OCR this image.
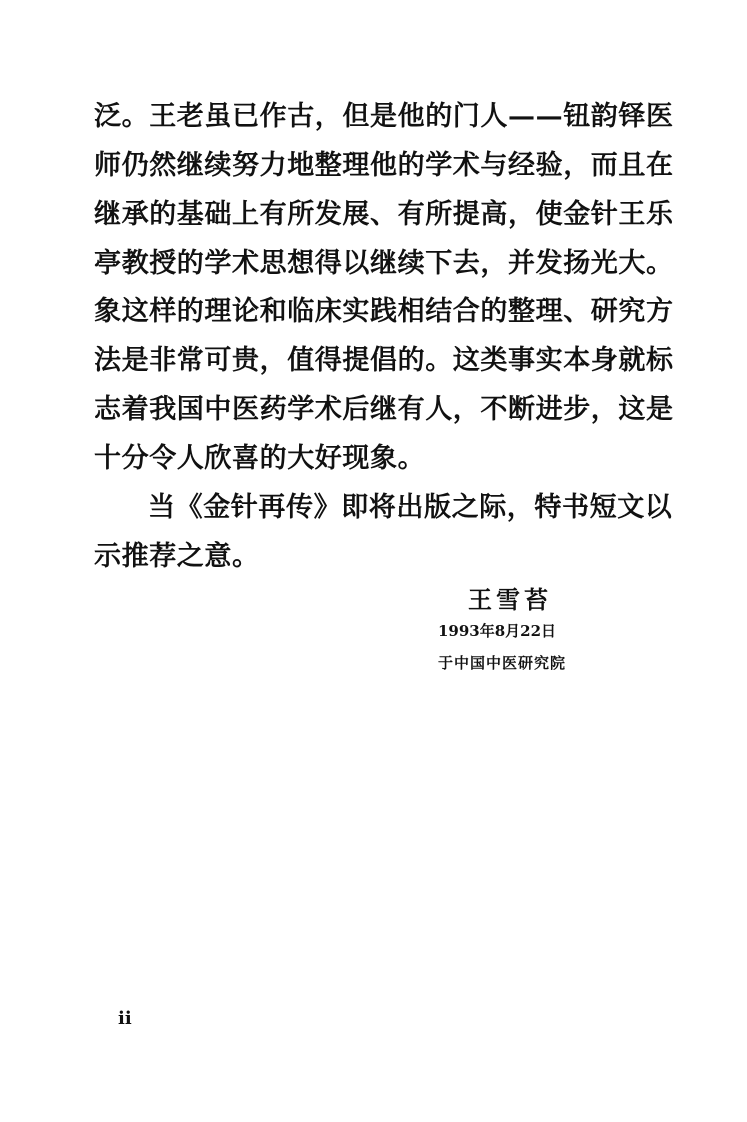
泛。王老虽已作古，但是他的门人——钮韵铎医
师仍然继续努力地整理他的学术与经验，而且在
继承的基础上有所发展、有所提高，使金针王乐
亭教授的学术思想得以继续下去，并发扬光大。
象这样的理论和临床实践相结合的整理、研究方
法是非常可贵，值得提倡的。这类事实本身就标
志着我国中医药学术后继有人，不断进步，这是
十分令人欣喜的大好现象。
当《金针再传》即将出版之际，特书短文以
示推荐之意。
王雪苔
1993年8月22日
于中国中医研究院
ii
